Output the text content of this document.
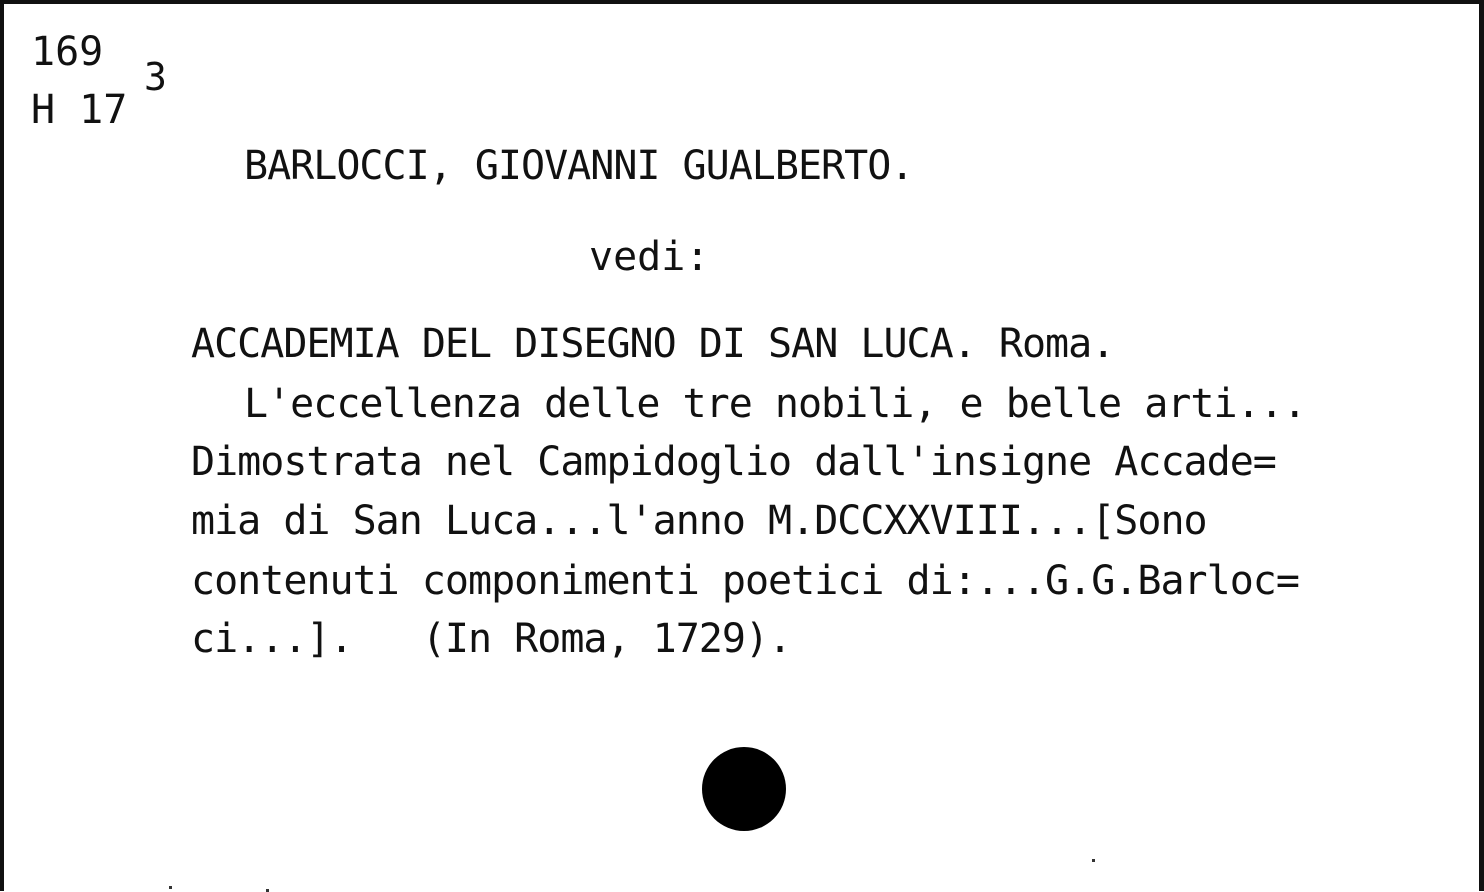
169
H 17
3
BARLOCCI, GIOVANNI GUALBERTO.
vedi:
ACCADEMIA DEL DISEGNO DI SAN LUCA. Roma.
L'eccellenza delle tre nobili, e belle arti...
Dimostrata nel Campidoglio dall'insigne Accade=
mia di San Luca...l'anno M.DCCXXVIII...[Sono
contenuti componimenti poetici di:...G.G.Barloc=
ci...].   (In Roma, 1729).
